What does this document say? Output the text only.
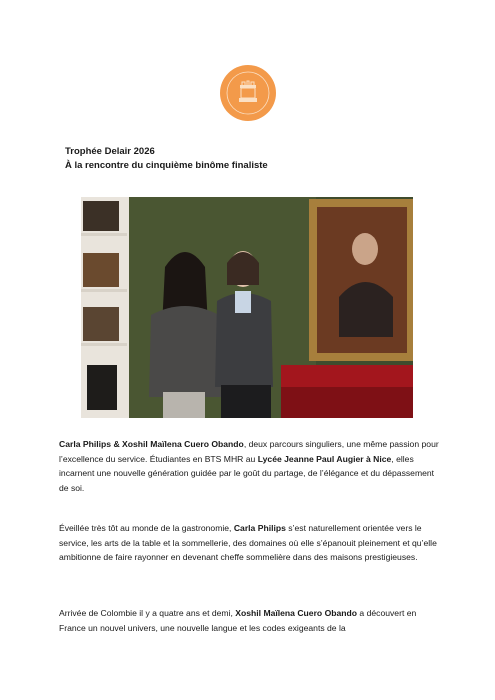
Trophée Delair 2026
À la rencontre du cinquième binôme finaliste
Carla Philips & Xoshil Maïlena Cuero Obando, deux parcours singuliers, une même passion pour l’excellence du service. Étudiantes en BTS MHR au Lycée Jeanne Paul Augier à Nice, elles incarnent une nouvelle génération guidée par le goût du partage, de l’élégance et du dépassement de soi.
Éveillée très tôt au monde de la gastronomie, Carla Philips s’est naturellement orientée vers le service, les arts de la table et la sommellerie, des domaines où elle s’épanouit pleinement et qu’elle ambitionne de faire rayonner en devenant cheffe sommelière dans des maisons prestigieuses.
Arrivée de Colombie il y a quatre ans et demi, Xoshil Maïlena Cuero Obando a découvert en France un nouvel univers, une nouvelle langue et les codes exigeants de la
